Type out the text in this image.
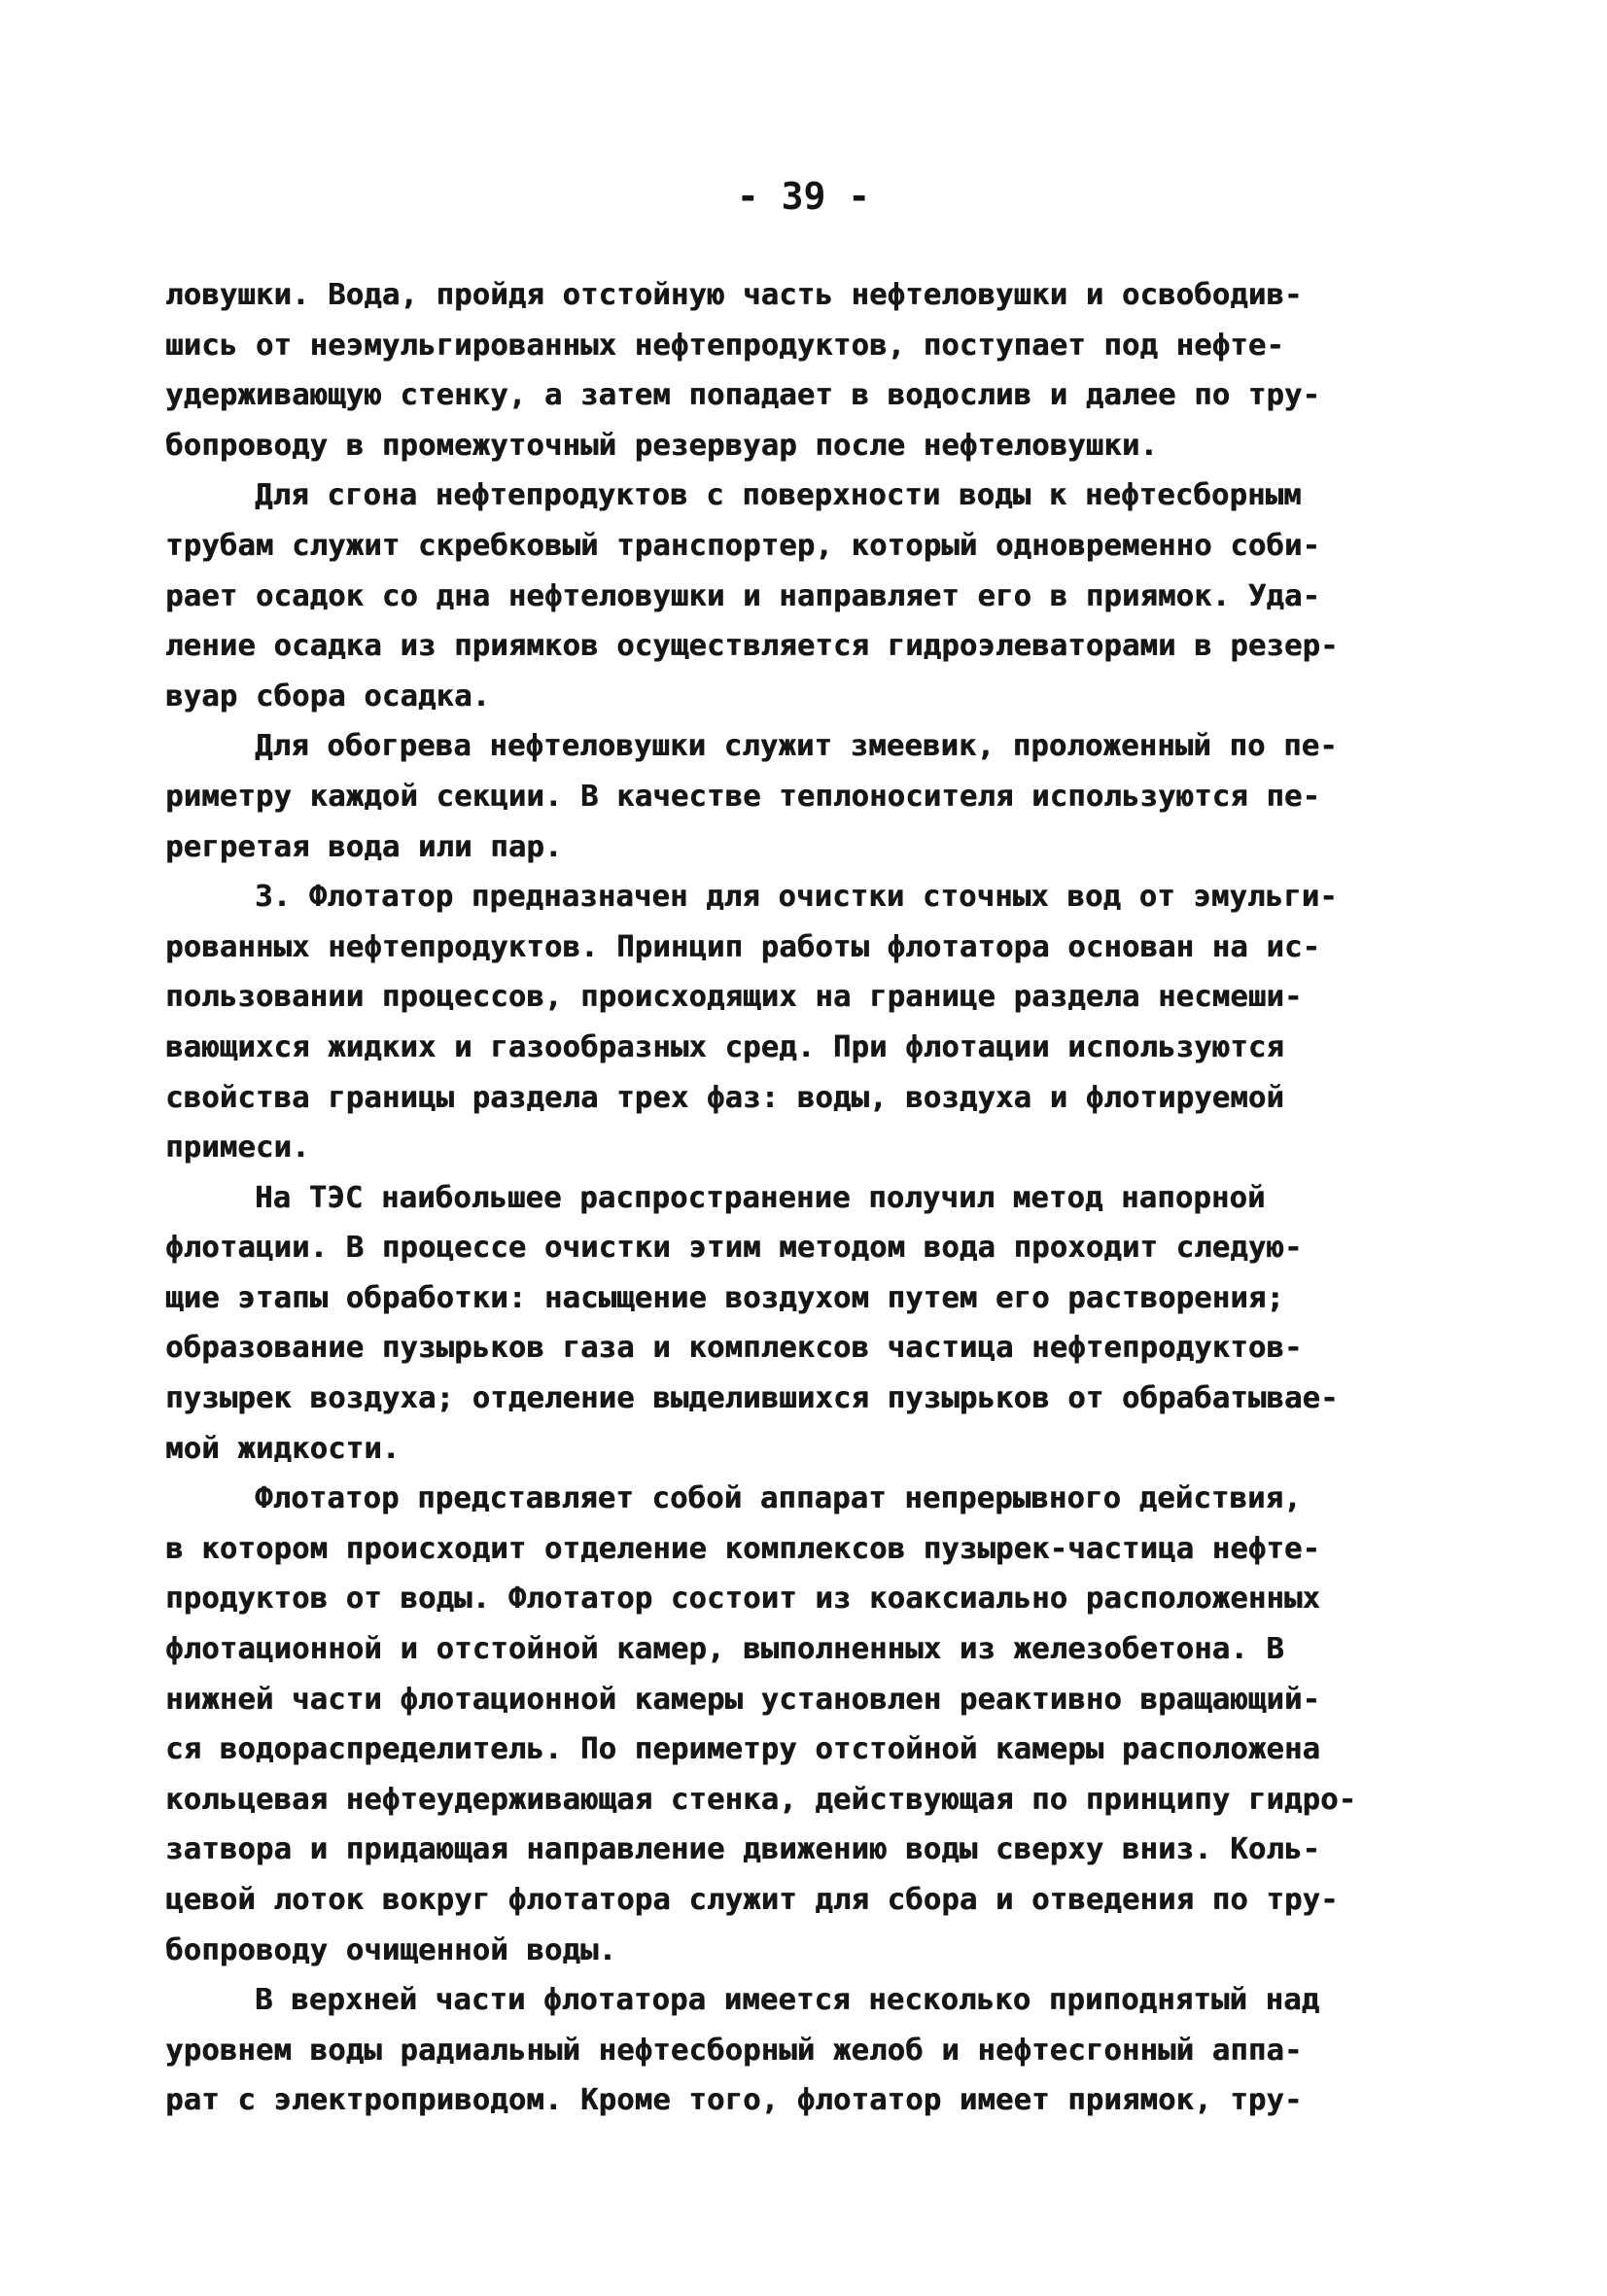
- 39 -
ловушки. Вода, пройдя отстойную часть нефтеловушки и освободив-
шись от неэмульгированных нефтепродуктов, поступает под нефте-
удерживающую стенку, а затем попадает в водослив и далее по тру-
бопроводу в промежуточный резервуар после нефтеловушки.
Для сгона нефтепродуктов с поверхности воды к нефтесборным
трубам служит скребковый транспортер, который одновременно соби-
рает осадок со дна нефтеловушки и направляет его в приямок. Уда-
ление осадка из приямков осуществляется гидроэлеваторами в резер-
вуар сбора осадка.
Для обогрева нефтеловушки служит змеевик, проложенный по пе-
риметру каждой секции. В качестве теплоносителя используются пе-
регретая вода или пар.
3. Флотатор предназначен для очистки сточных вод от эмульги-
рованных нефтепродуктов. Принцип работы флотатора основан на ис-
пользовании процессов, происходящих на границе раздела несмеши-
вающихся жидких и газообразных сред. При флотации используются
свойства границы раздела трех фаз: воды, воздуха и флотируемой
примеси.
На ТЭС наибольшее распространение получил метод напорной
флотации. В процессе очистки этим методом вода проходит следую-
щие этапы обработки: насыщение воздухом путем его растворения;
образование пузырьков газа и комплексов частица нефтепродуктов-
пузырек воздуха; отделение выделившихся пузырьков от обрабатывае-
мой жидкости.
Флотатор представляет собой аппарат непрерывного действия,
в котором происходит отделение комплексов пузырек-частица нефте-
продуктов от воды. Флотатор состоит из коаксиально расположенных
флотационной и отстойной камер, выполненных из железобетона. В
нижней части флотационной камеры установлен реактивно вращающий-
ся водораспределитель. По периметру отстойной камеры расположена
кольцевая нефтеудерживающая стенка, действующая по принципу гидро-
затвора и придающая направление движению воды сверху вниз. Коль-
цевой лоток вокруг флотатора служит для сбора и отведения по тру-
бопроводу очищенной воды.
В верхней части флотатора имеется несколько приподнятый над
уровнем воды радиальный нефтесборный желоб и нефтесгонный аппа-
рат с электроприводом. Кроме того, флотатор имеет приямок, тру-
